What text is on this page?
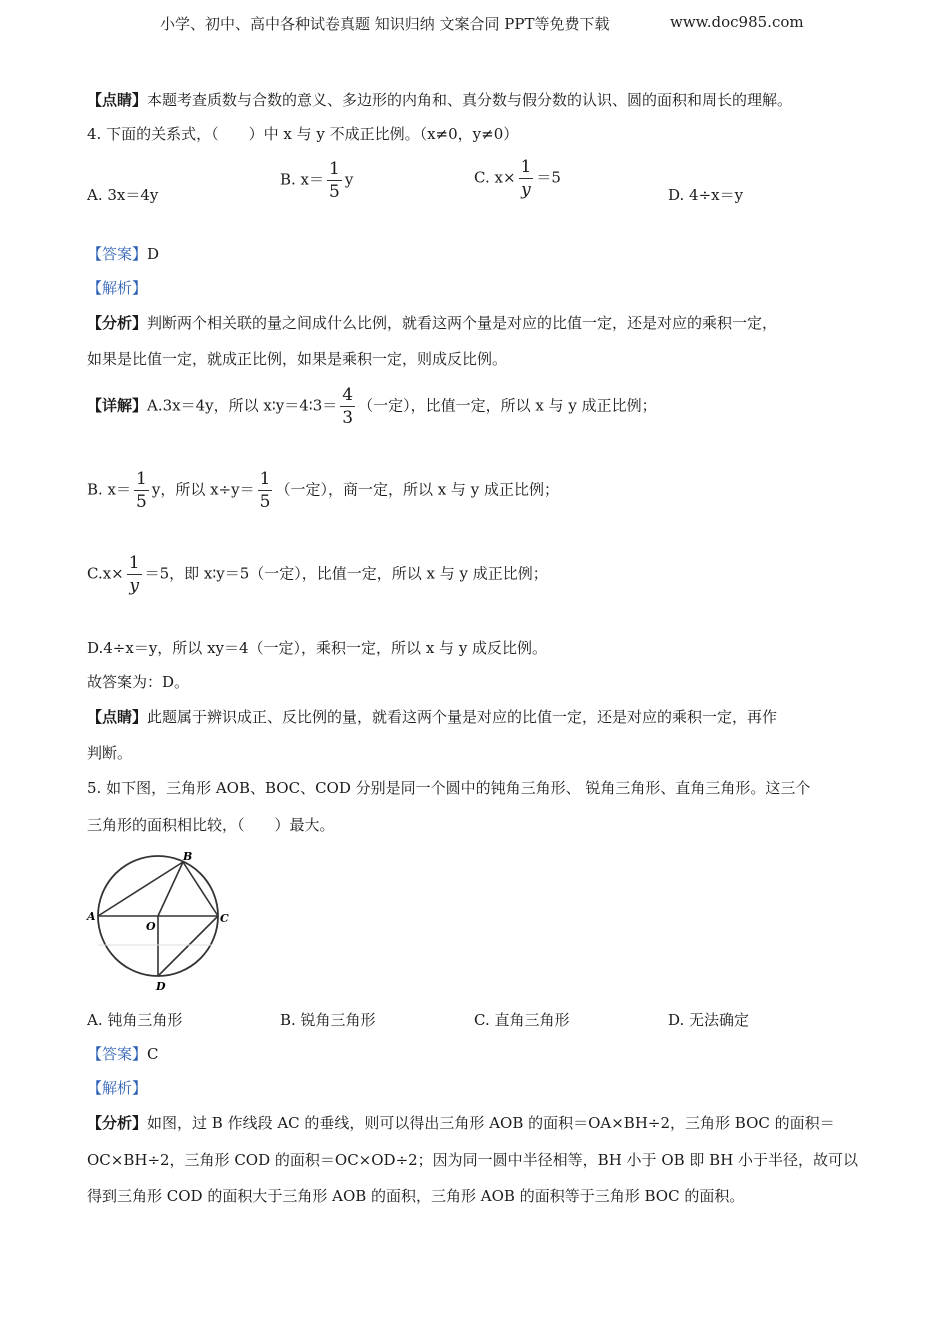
小学、初中、高中各种试卷真题 知识归纳 文案合同 PPT等免费下载	www.doc985.com
【点睛】本题考查质数与合数的意义、多边形的内角和、真分数与假分数的认识、圆的面积和周长的理解。
4. 下面的关系式，（　　）中 x 与 y 不成正比例。（x≠0，y≠0）
A. 3x＝4y
B. $x= \frac{1}{5}$ y	C. $x\times \frac{1}{y} =5$
D. 4÷x＝y
【答案】D
【解析】
【分析】判断两个相关联的量之间成什么比例，就看这两个量是对应的比值一定，还是对应的乘积一定，
如果是比值一定，就成正比例，如果是乘积一定，则成反比例。
【详解】A.3x＝4y，所以 x∶y＝4∶3＝ $\frac{4}{3}$ （一定），比值一定，所以 x 与 y 成正比例；
B. $x= \frac{1}{5}$ y，所以 $x\div y= \frac{1}{5}$ （一定），商一定，所以 x 与 y 成正比例；
$C.x\times \frac{1}{y} =5$，即 x∶y＝5（一定），比值一定，所以 x 与 y 成正比例；
D.4÷x＝y，所以 xy＝4（一定），乘积一定，所以 x 与 y 成反比例。
故答案为：D。
【点睛】此题属于辨识成正、反比例的量，就看这两个量是对应的比值一定，还是对应的乘积一定，再作
判断。
5. 如下图，三角形 AOB、BOC、COD 分别是同一个圆中的钝角三角形、 锐角三角形、直角三角形。这三个
三角形的面积相比较，（　　）最大。
A
B
C
D
O
A. 钝角三角形	B. 锐角三角形	C. 直角三角形	D. 无法确定
【答案】C
【解析】
【分析】如图，过 B 作线段 AC 的垂线，则可以得出三角形 AOB 的面积＝OA×BH÷2，三角形 BOC 的面积＝
OC×BH÷2，三角形 COD 的面积＝OC×OD÷2；因为同一圆中半径相等，BH 小于 OB 即 BH 小于半径，故可以
得到三角形 COD 的面积大于三角形 AOB 的面积，三角形 AOB 的面积等于三角形 BOC 的面积。
